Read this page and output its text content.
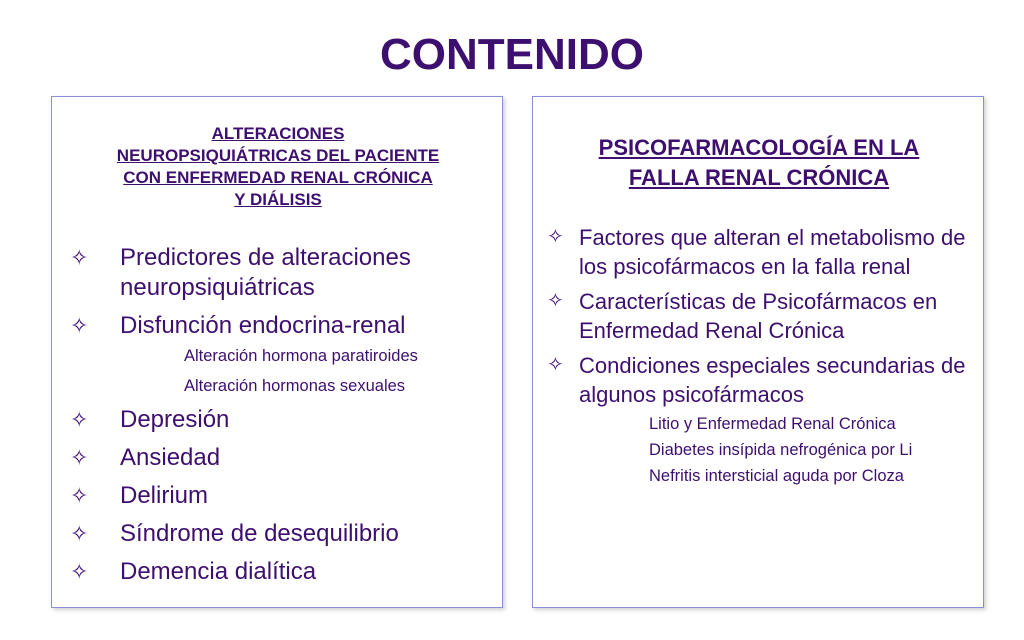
CONTENIDO
ALTERACIONES
NEUROPSIQUIÁTRICAS DEL PACIENTE
CON ENFERMEDAD RENAL CRÓNICA
Y DIÁLISIS
✧ Predictores de alteraciones neuropsiquiátricas
✧ Disfunción endocrina-renal
Alteración hormona paratiroides
Alteración hormonas sexuales
✧ Depresión
✧ Ansiedad
✧ Delirium
✧ Síndrome de desequilibrio
✧ Demencia dialítica
PSICOFARMACOLOGÍA EN LA
FALLA RENAL CRÓNICA
✧ Factores que alteran el metabolismo de los psicofármacos en la falla renal
✧ Características de Psicofármacos en Enfermedad Renal Crónica
✧ Condiciones especiales secundarias de algunos psicofármacos
Litio y Enfermedad Renal Crónica
Diabetes insípida nefrogénica por Li
Nefritis intersticial aguda por Cloza
